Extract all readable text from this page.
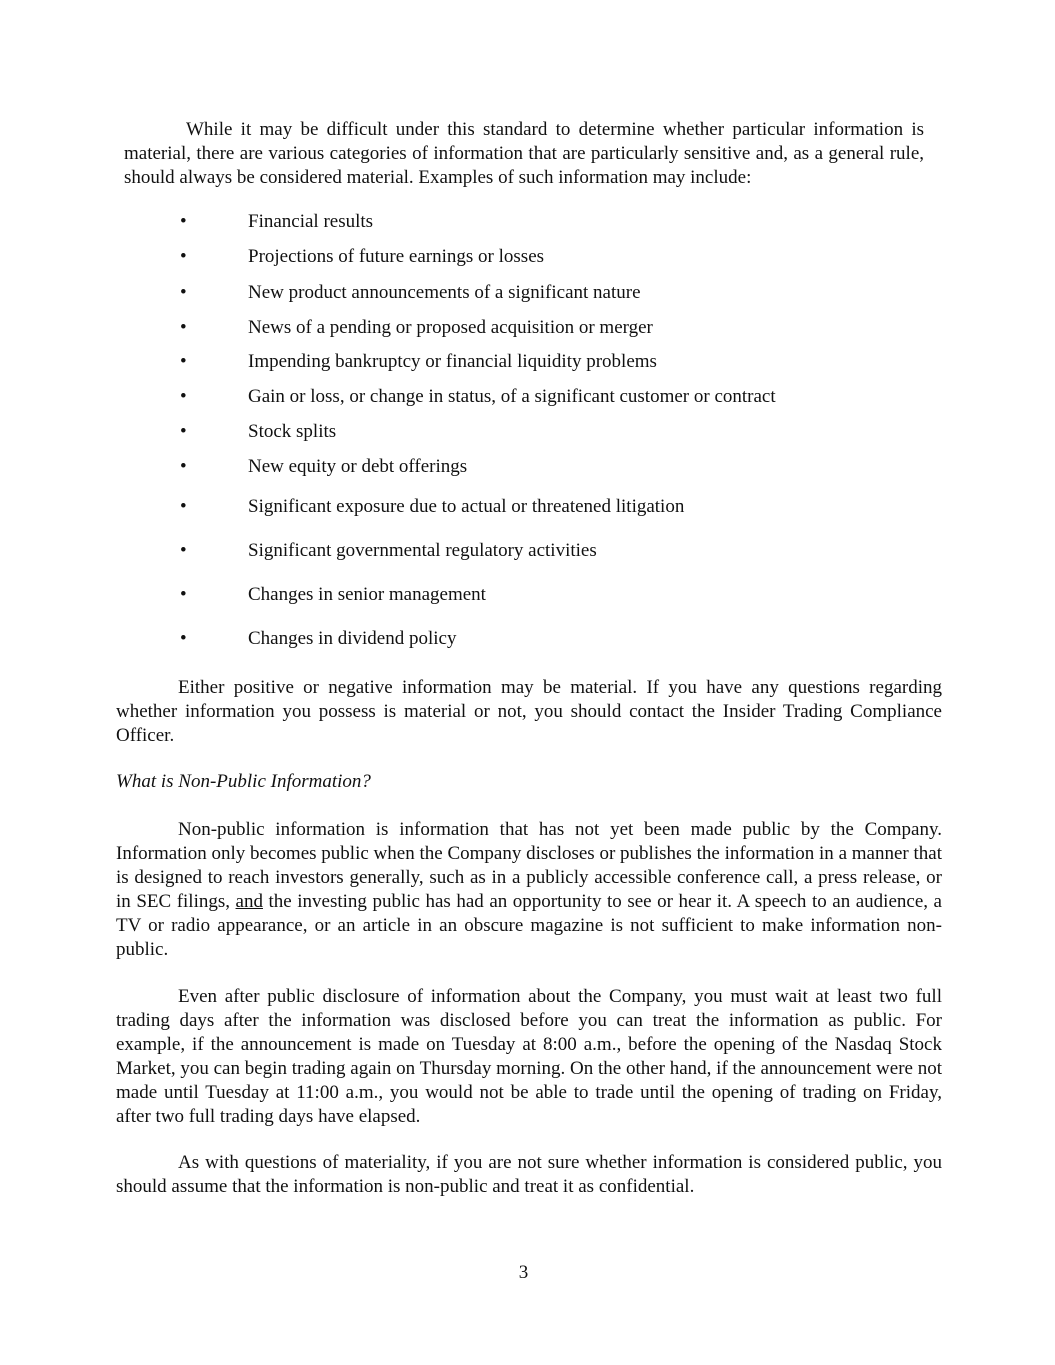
While it may be difficult under this standard to determine whether particular information is material, there are various categories of information that are particularly sensitive and, as a general rule, should always be considered material. Examples of such information may include:

•	Financial results
•	Projections of future earnings or losses
•	New product announcements of a significant nature
•	News of a pending or proposed acquisition or merger
•	Impending bankruptcy or financial liquidity problems
•	Gain or loss, or change in status, of a significant customer or contract
•	Stock splits
•	New equity or debt offerings
•	Significant exposure due to actual or threatened litigation
•	Significant governmental regulatory activities
•	Changes in senior management
•	Changes in dividend policy

Either positive or negative information may be material. If you have any questions regarding whether information you possess is material or not, you should contact the Insider Trading Compliance Officer.

What is Non-Public Information?

Non-public information is information that has not yet been made public by the Company. Information only becomes public when the Company discloses or publishes the information in a manner that is designed to reach investors generally, such as in a publicly accessible conference call, a press release, or in SEC filings, and the investing public has had an opportunity to see or hear it. A speech to an audience, a TV or radio appearance, or an article in an obscure magazine is not sufficient to make information non-public.

Even after public disclosure of information about the Company, you must wait at least two full trading days after the information was disclosed before you can treat the information as public. For example, if the announcement is made on Tuesday at 8:00 a.m., before the opening of the Nasdaq Stock Market, you can begin trading again on Thursday morning. On the other hand, if the announcement were not made until Tuesday at 11:00 a.m., you would not be able to trade until the opening of trading on Friday, after two full trading days have elapsed.

As with questions of materiality, if you are not sure whether information is considered public, you should assume that the information is non-public and treat it as confidential.

3
